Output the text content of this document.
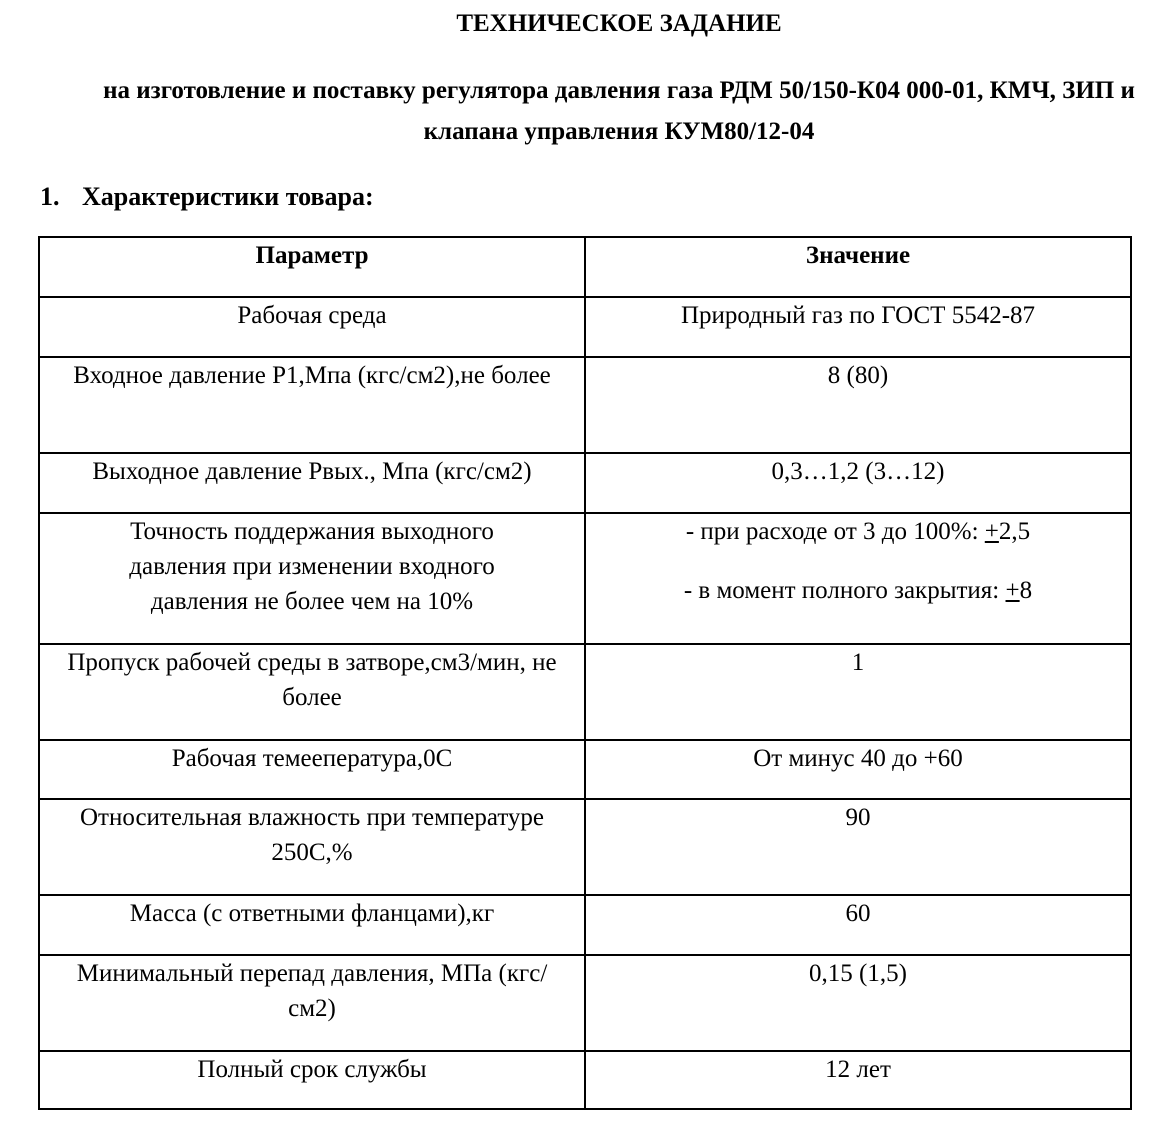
ТЕХНИЧЕСКОЕ ЗАДАНИЕ
на изготовление и поставку регулятора давления газа РДМ 50/150-К04 000-01, КМЧ, ЗИП и
клапана управления КУМ80/12-04
1. Характеристики товара:
Параметр	Значение

Рабочая среда	Природный газ по ГОСТ 5542-87

Входное давление Р1,Мпа (кгс/см2),не более	8 (80)

Выходное давление Рвых., Мпа (кгс/см2)	0,3…1,2 (3…12)

Точность поддержания выходного давления при изменении входного давления не более чем на 10%	- при расходе от 3 до 100%: +2,5
- в момент полного закрытия: +8

Пропуск рабочей среды в затворе,см3/мин, не более	1

Рабочая темеепература,0С	От минус 40 до +60

Относительная влажность при температуре 250С,%	90

Масса (с ответными фланцами),кг	60

Минимальный перепад давления, МПа (кгс/см2)	0,15 (1,5)

Полный срок службы	12 лет
